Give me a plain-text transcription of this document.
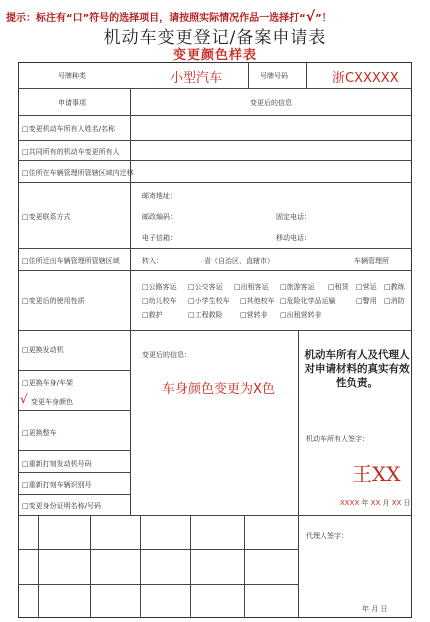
提示：标注有“口”符号的选择项目，请按照实际情况作品一选择打“√”！
机动车变更登记/备案申请表
变更颜色样表
号牌种类	小型汽车	号牌号码	浙CXXXXX
申请事项	变更后的信息
□变更机动车所有人姓名/名称
□共同所有的机动车变更所有人
□住所在车辆管理所管辖区域内迁移
□变更联系方式
邮寄地址：
邮政编码：	固定电话：
电子信箱：	移动电话：
□住所迁出车辆管理所管辖区域	转入：	省（自治区、直辖市）	车辆管理所
□变更后的使用性质
□公路客运 □公交客运 □出租客运 □旅游客运 □租赁 □营运 □教练
□幼儿校车 □小学生校车 □其他校车 □危险化学品运输	□警用 □消防
□救护	□工程救险 □营转非 □出租营转非
□更换发动机
□更换车身/车架
√ 变更车身颜色
□更换整车
□重新打刻发动机号码
□重新打刻车辆识别号
□变更身份证明名称/号码
变更后的信息：
车身颜色变更为X色
机动车所有人及代理人对申请材料的真实有效性负责。
机动车所有人签字：
王XX
XXXX 年 XX 月 XX 日
代理人签字：
年 月 日
